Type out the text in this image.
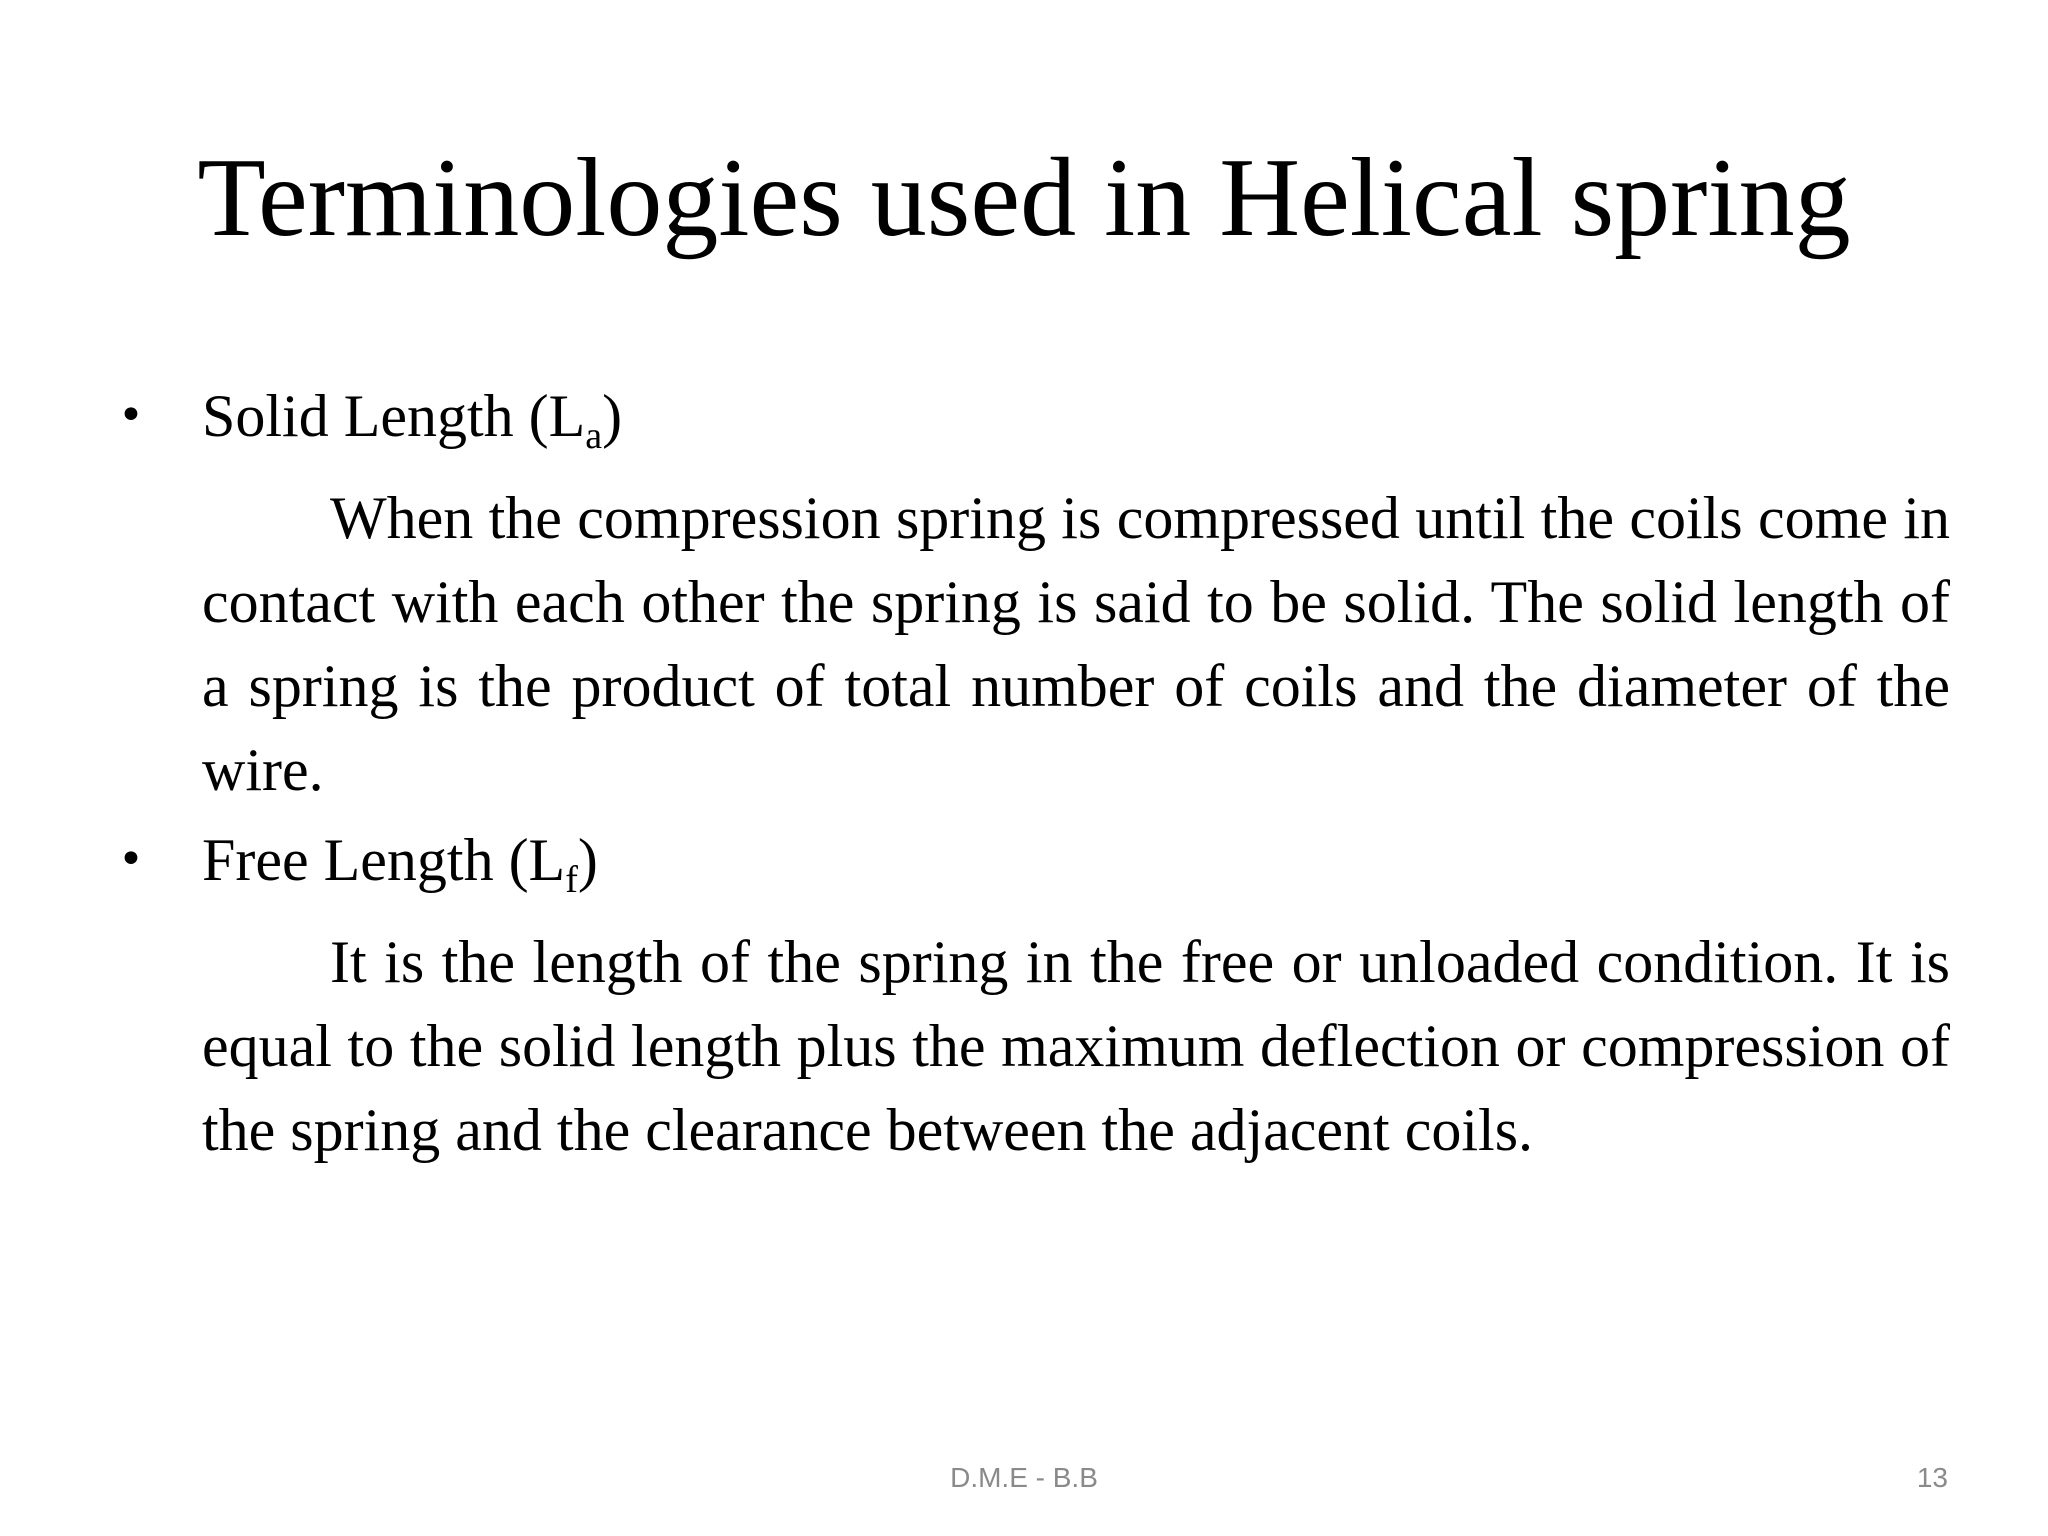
Terminologies used in Helical spring
• Solid Length $(L_a)$
When the compression spring is compressed until the coils come in contact with each other the spring is said to be solid. The solid length of a spring is the product of total number of coils and the diameter of the wire.
• Free Length $(L_f)$
It is the length of the spring in the free or unloaded condition. It is equal to the solid length plus the maximum deflection or compression of the spring and the clearance between the adjacent coils.
D.M.E - B.B	13
